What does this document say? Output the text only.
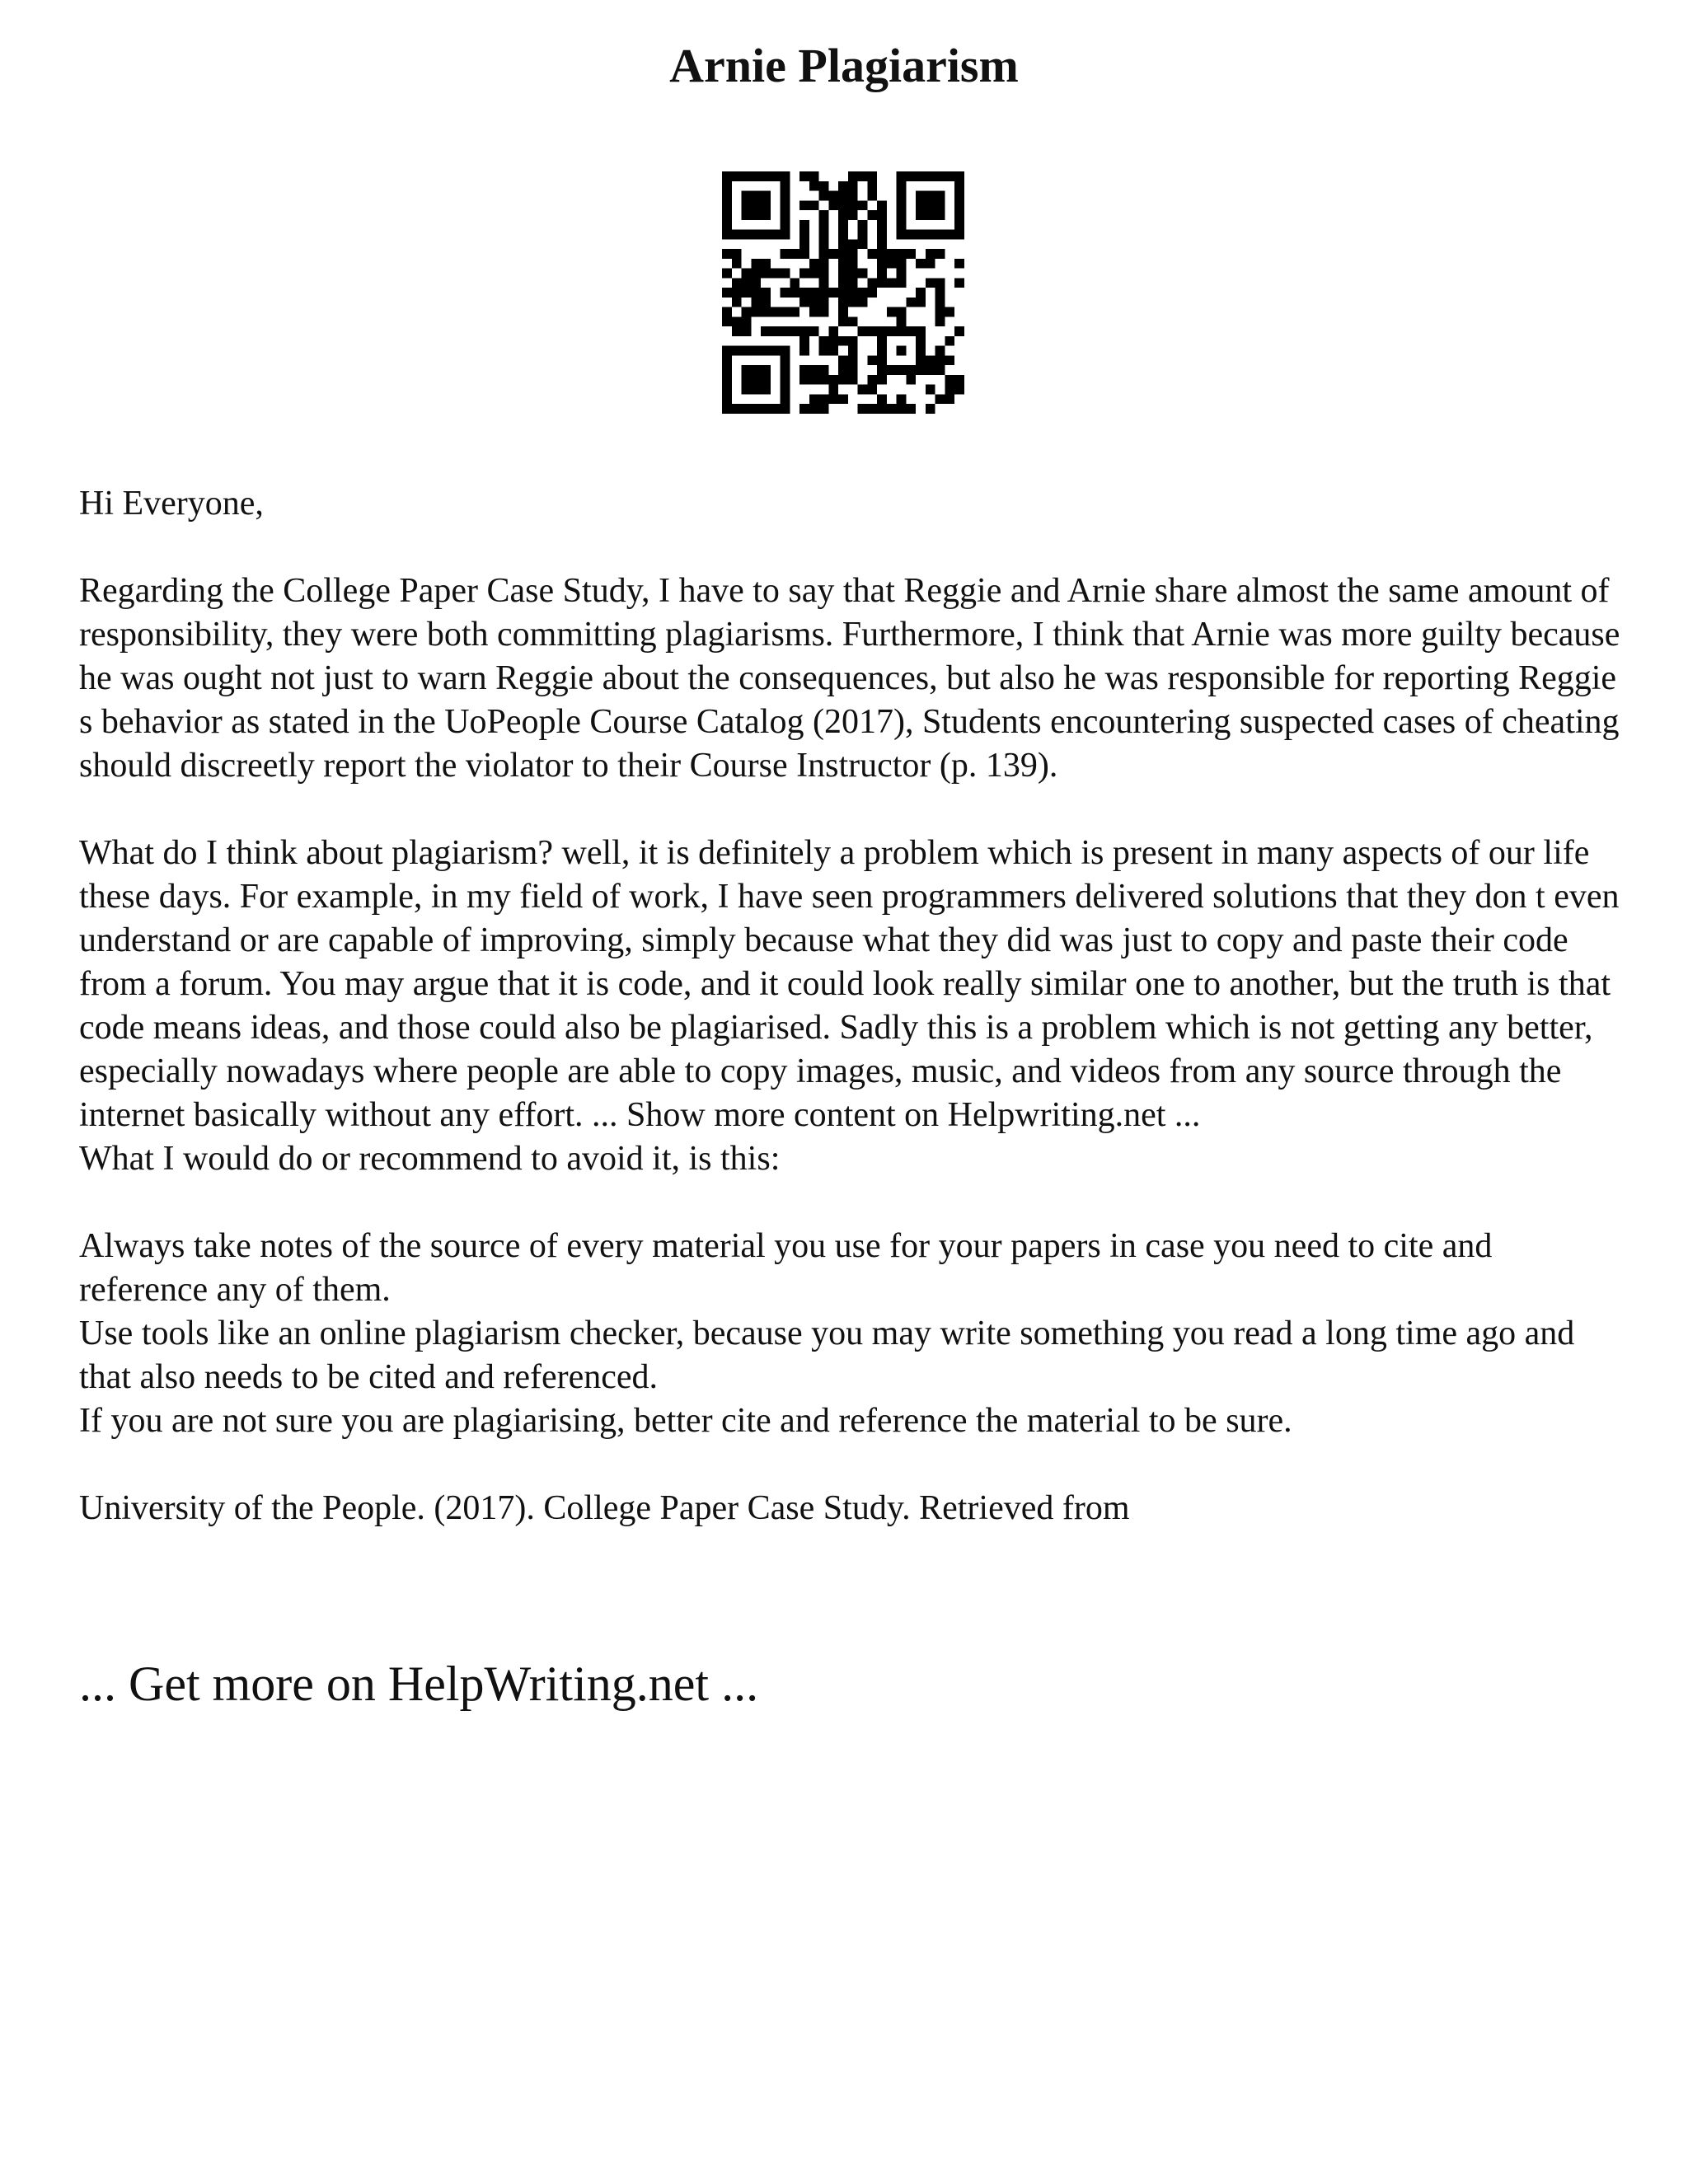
Arnie Plagiarism

Hi Everyone,

Regarding the College Paper Case Study, I have to say that Reggie and Arnie share almost the same amount of responsibility, they were both committing plagiarisms. Furthermore, I think that Arnie was more guilty because he was ought not just to warn Reggie about the consequences, but also he was responsible for reporting Reggie s behavior as stated in the UoPeople Course Catalog (2017), Students encountering suspected cases of cheating should discreetly report the violator to their Course Instructor (p. 139).

What do I think about plagiarism? well, it is definitely a problem which is present in many aspects of our life these days. For example, in my field of work, I have seen programmers delivered solutions that they don t even understand or are capable of improving, simply because what they did was just to copy and paste their code from a forum. You may argue that it is code, and it could look really similar one to another, but the truth is that code means ideas, and those could also be plagiarised. Sadly this is a problem which is not getting any better, especially nowadays where people are able to copy images, music, and videos from any source through the internet basically without any effort. ... Show more content on Helpwriting.net ...

What I would do or recommend to avoid it, is this:

Always take notes of the source of every material you use for your papers in case you need to cite and reference any of them.

Use tools like an online plagiarism checker, because you may write something you read a long time ago and that also needs to be cited and referenced.

If you are not sure you are plagiarising, better cite and reference the material to be sure.

University of the People. (2017). College Paper Case Study. Retrieved from

... Get more on HelpWriting.net ...
